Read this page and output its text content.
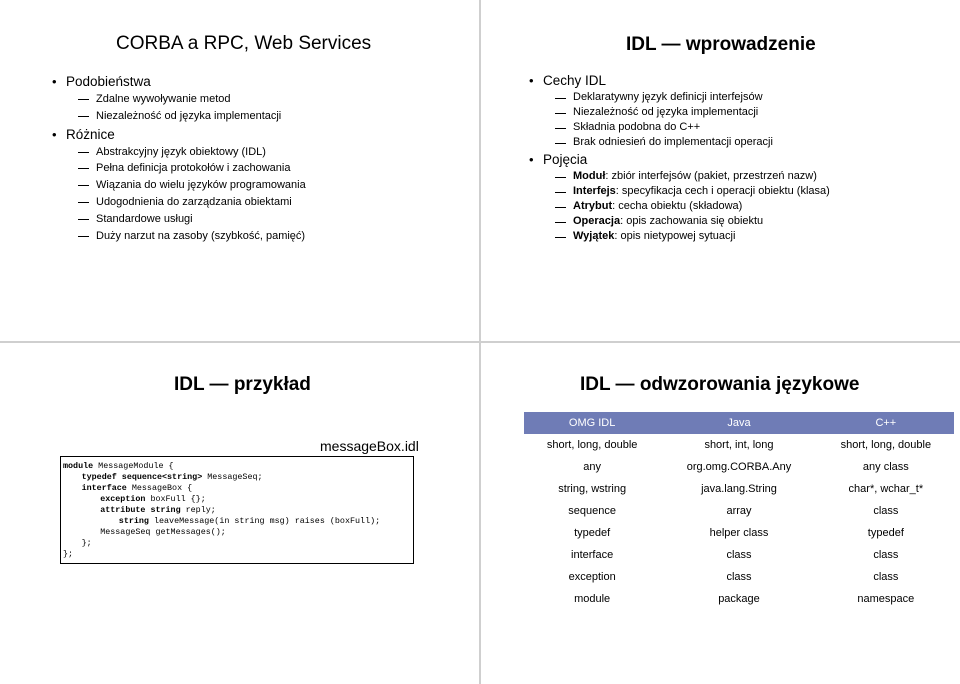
CORBA a RPC, Web Services
• Podobieństwa
Zdalne wywoływanie metod
Niezależność od języka implementacji
• Różnice
Abstrakcyjny język obiektowy (IDL)
Pełna definicja protokołów i zachowania
Wiązania do wielu języków programowania
Udogodnienia do zarządzania obiektami
Standardowe usługi
Duży narzut na zasoby (szybkość, pamięć)
IDL — wprowadzenie
• Cechy IDL
Deklaratywny język definicji interfejsów
Niezależność od języka implementacji
Składnia podobna do C++
Brak odniesień do implementacji operacji
• Pojęcia
Moduł: zbiór interfejsów (pakiet, przestrzeń nazw)
Interfejs: specyfikacja cech i operacji obiektu (klasa)
Atrybut: cecha obiektu (składowa)
Operacja: opis zachowania się obiektu
Wyjątek: opis nietypowej sytuacji
IDL — przykład
messageBox.idl
module MessageModule {
typedef sequence<string> MessageSeq;
interface MessageBox {
exception boxFull {};
attribute string reply;
string leaveMessage(in string msg) raises (boxFull);
MessageSeq getMessages();
};
};
IDL — odwzorowania językowe
OMG IDL	Java	C++
short, long, double	short, int, long	short, long, double
any	org.omg.CORBA.Any	any class
string, wstring	java.lang.String	char*, wchar_t*
sequence	array	class
typedef	helper class	typedef
interface	class	class
exception	class	class
module	package	namespace
